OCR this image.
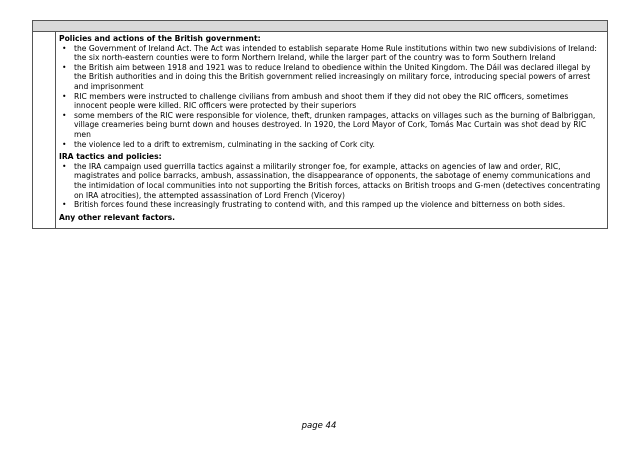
Policies and actions of the British government:

• the Government of Ireland Act. The Act was intended to establish separate Home Rule institutions within two new subdivisions of Ireland: the six north-eastern counties were to form Northern Ireland, while the larger part of the country was to form Southern Ireland
• the British aim between 1918 and 1921 was to reduce Ireland to obedience within the United Kingdom. The Dáil was declared illegal by the British authorities and in doing this the British government relied increasingly on military force, introducing special powers of arrest and imprisonment
• RIC members were instructed to challenge civilians from ambush and shoot them if they did not obey the RIC officers, sometimes innocent people were killed. RIC officers were protected by their superiors
• some members of the RIC were responsible for violence, theft, drunken rampages, attacks on villages such as the burning of Balbriggan, village creameries being burnt down and houses destroyed. In 1920, the Lord Mayor of Cork, Tomás Mac Curtain was shot dead by RIC men
• the violence led to a drift to extremism, culminating in the sacking of Cork city.

IRA tactics and policies:

• the IRA campaign used guerrilla tactics against a militarily stronger foe, for example, attacks on agencies of law and order, RIC, magistrates and police barracks, ambush, assassination, the disappearance of opponents, the sabotage of enemy communications and the intimidation of local communities into not supporting the British forces, attacks on British troops and G-men (detectives concentrating on IRA atrocities), the attempted assassination of Lord French (Viceroy)
• British forces found these increasingly frustrating to contend with, and this ramped up the violence and bitterness on both sides.

Any other relevant factors.

page 44
